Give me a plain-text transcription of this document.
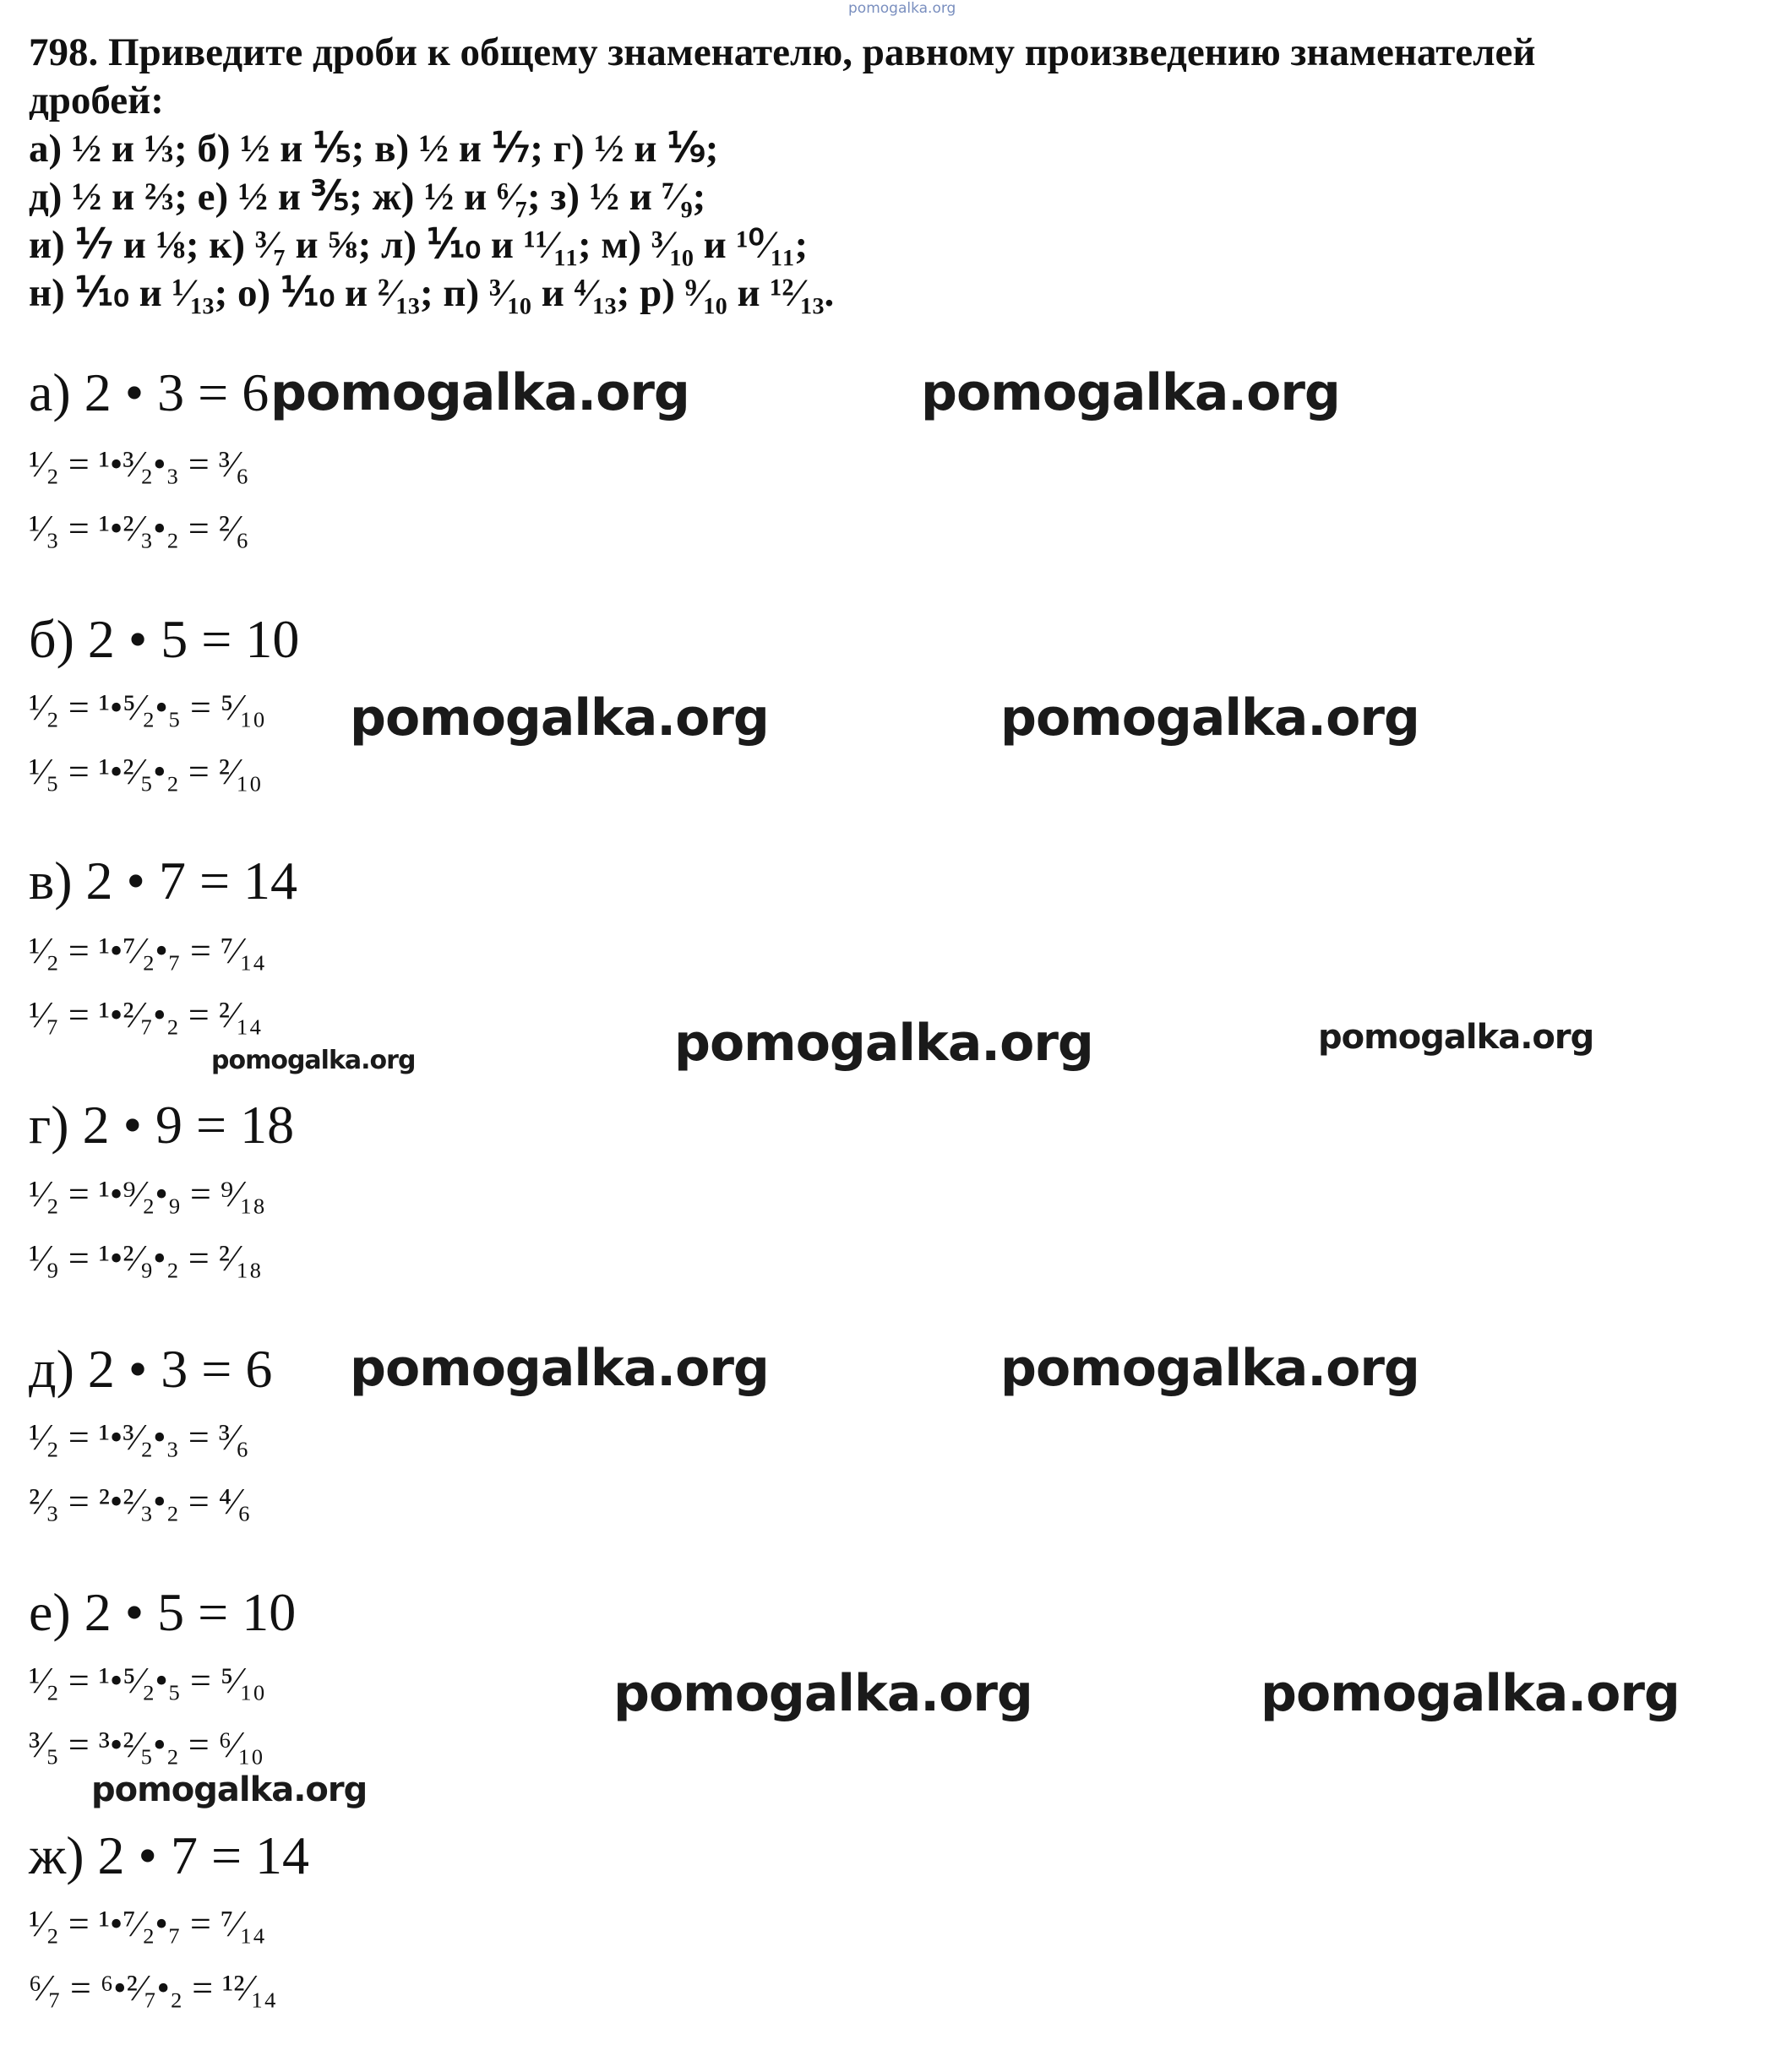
pomogalka.org
798. Приведите дроби к общему знаменателю, равному произведению знаменателей
дробей:
а) ½ и ⅓; б) ½ и ⅕; в) ½ и ⅐; г) ½ и ⅑;
д) ½ и ⅔; е) ½ и ⅗; ж) ½ и ⁶⁄₇; з) ½ и ⁷⁄₉;
и) ⅐ и ⅛; к) ³⁄₇ и ⅝; л) ⅒ и ¹¹⁄₁₁; м) ³⁄₁₀ и ¹⁰⁄₁₁;
н) ⅒ и ¹⁄₁₃; о) ⅒ и ²⁄₁₃; п) ³⁄₁₀ и ⁴⁄₁₃; р) ⁹⁄₁₀ и ¹²⁄₁₃.
а) 2 • 3 = 6
¹⁄₂ = ¹•³⁄₂•₃ = ³⁄₆
¹⁄₃ = ¹•²⁄₃•₂ = ²⁄₆
б) 2 • 5 = 10
¹⁄₂ = ¹•⁵⁄₂•₅ = ⁵⁄₁₀
¹⁄₅ = ¹•²⁄₅•₂ = ²⁄₁₀
в) 2 • 7 = 14
¹⁄₂ = ¹•⁷⁄₂•₇ = ⁷⁄₁₄
¹⁄₇ = ¹•²⁄₇•₂ = ²⁄₁₄
г) 2 • 9 = 18
¹⁄₂ = ¹•⁹⁄₂•₉ = ⁹⁄₁₈
¹⁄₉ = ¹•²⁄₉•₂ = ²⁄₁₈
д) 2 • 3 = 6
¹⁄₂ = ¹•³⁄₂•₃ = ³⁄₆
²⁄₃ = ²•²⁄₃•₂ = ⁴⁄₆
е) 2 • 5 = 10
¹⁄₂ = ¹•⁵⁄₂•₅ = ⁵⁄₁₀
³⁄₅ = ³•²⁄₅•₂ = ⁶⁄₁₀
ж) 2 • 7 = 14
¹⁄₂ = ¹•⁷⁄₂•₇ = ⁷⁄₁₄
⁶⁄₇ = ⁶•²⁄₇•₂ = ¹²⁄₁₄
pomogalka.org	pomogalka.org
pomogalka.org	pomogalka.org
pomogalka.org	pomogalka.org
pomogalka.org
pomogalka.org	pomogalka.org
pomogalka.org	pomogalka.org
pomogalka.org
